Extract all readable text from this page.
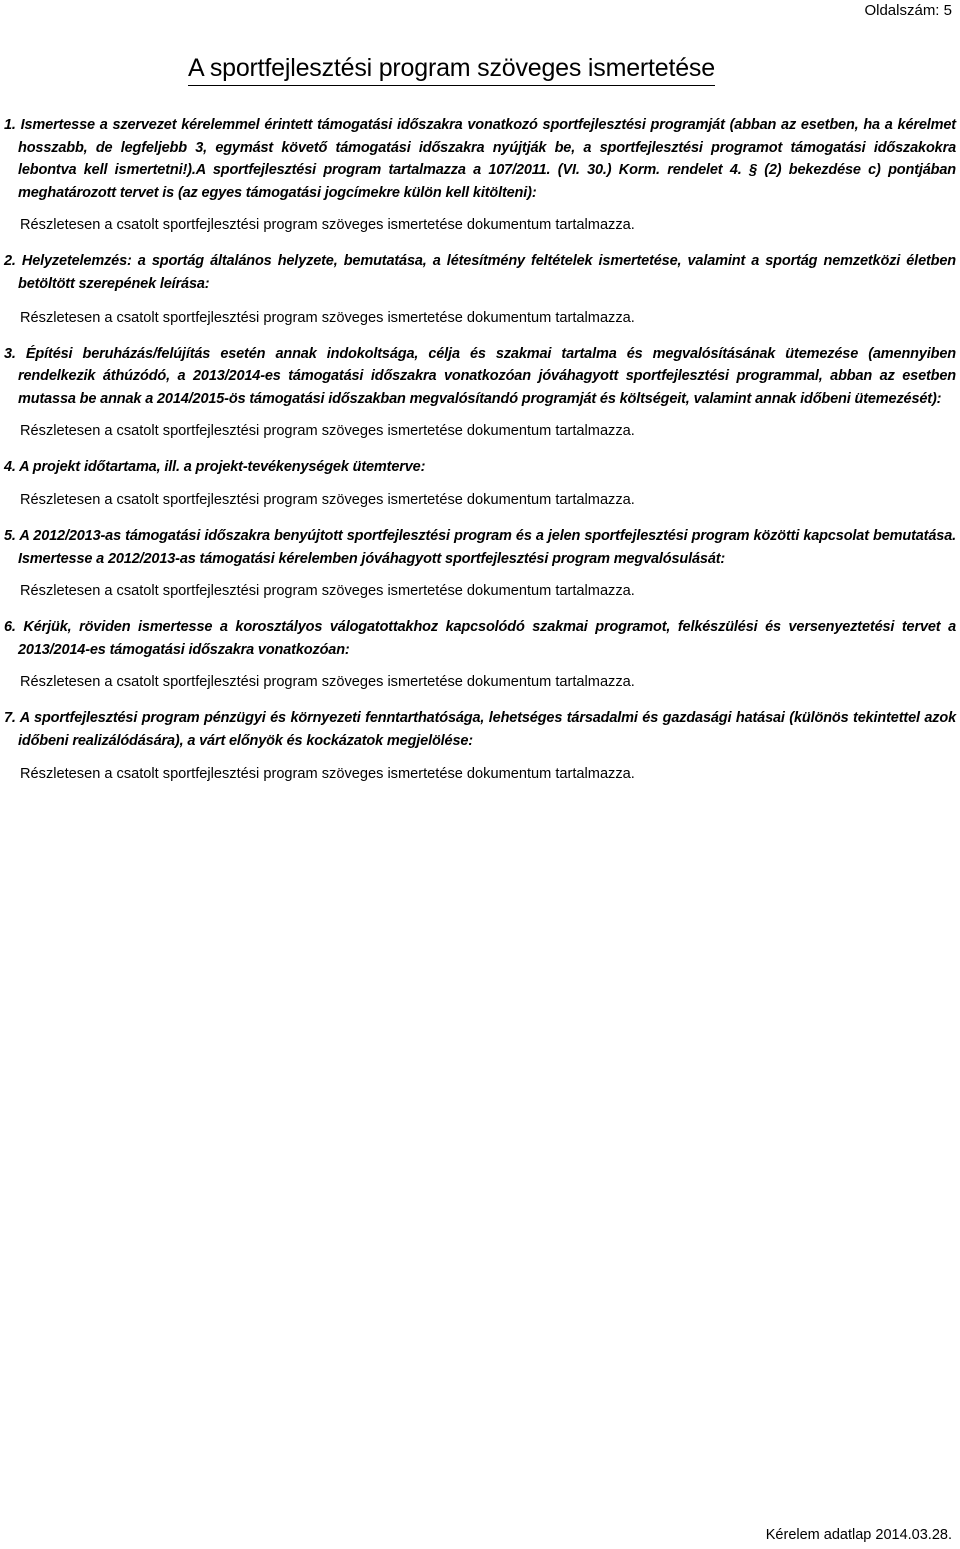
Oldalszám: 5
A sportfejlesztési program szöveges ismertetése

1. Ismertesse a szervezet kérelemmel érintett támogatási időszakra vonatkozó sportfejlesztési programját (abban az esetben, ha a kérelmet hosszabb, de legfeljebb 3, egymást követő támogatási időszakra nyújtják be, a sportfejlesztési programot támogatási időszakokra lebontva kell ismertetni!).A sportfejlesztési program tartalmazza a 107/2011. (VI. 30.) Korm. rendelet 4. § (2) bekezdése c) pontjában meghatározott tervet is (az egyes támogatási jogcímekre külön kell kitölteni):

Részletesen a csatolt sportfejlesztési program szöveges ismertetése dokumentum tartalmazza.

2. Helyzetelemzés: a sportág általános helyzete, bemutatása, a létesítmény feltételek ismertetése, valamint a sportág nemzetközi életben betöltött szerepének leírása:

Részletesen a csatolt sportfejlesztési program szöveges ismertetése dokumentum tartalmazza.

3. Építési beruházás/felújítás esetén annak indokoltsága, célja és szakmai tartalma és megvalósításának ütemezése (amennyiben rendelkezik áthúzódó, a 2013/2014-es támogatási időszakra vonatkozóan jóváhagyott sportfejlesztési programmal, abban az esetben mutassa be annak a 2014/2015-ös támogatási időszakban megvalósítandó programját és költségeit, valamint annak időbeni ütemezését):

Részletesen a csatolt sportfejlesztési program szöveges ismertetése dokumentum tartalmazza.

4. A projekt időtartama, ill. a projekt-tevékenységek ütemterve:

Részletesen a csatolt sportfejlesztési program szöveges ismertetése dokumentum tartalmazza.

5. A 2012/2013-as támogatási időszakra benyújtott sportfejlesztési program és a jelen sportfejlesztési program közötti kapcsolat bemutatása. Ismertesse a 2012/2013-as támogatási kérelemben jóváhagyott sportfejlesztési program megvalósulását:

Részletesen a csatolt sportfejlesztési program szöveges ismertetése dokumentum tartalmazza.

6. Kérjük, röviden ismertesse a korosztályos válogatottakhoz kapcsolódó szakmai programot, felkészülési és versenyeztetési tervet a 2013/2014-es támogatási időszakra vonatkozóan:

Részletesen a csatolt sportfejlesztési program szöveges ismertetése dokumentum tartalmazza.

7. A sportfejlesztési program pénzügyi és környezeti fenntarthatósága, lehetséges társadalmi és gazdasági hatásai (különös tekintettel azok időbeni realizálódására), a várt előnyök és kockázatok megjelölése:

Részletesen a csatolt sportfejlesztési program szöveges ismertetése dokumentum tartalmazza.

Kérelem adatlap 2014.03.28.
